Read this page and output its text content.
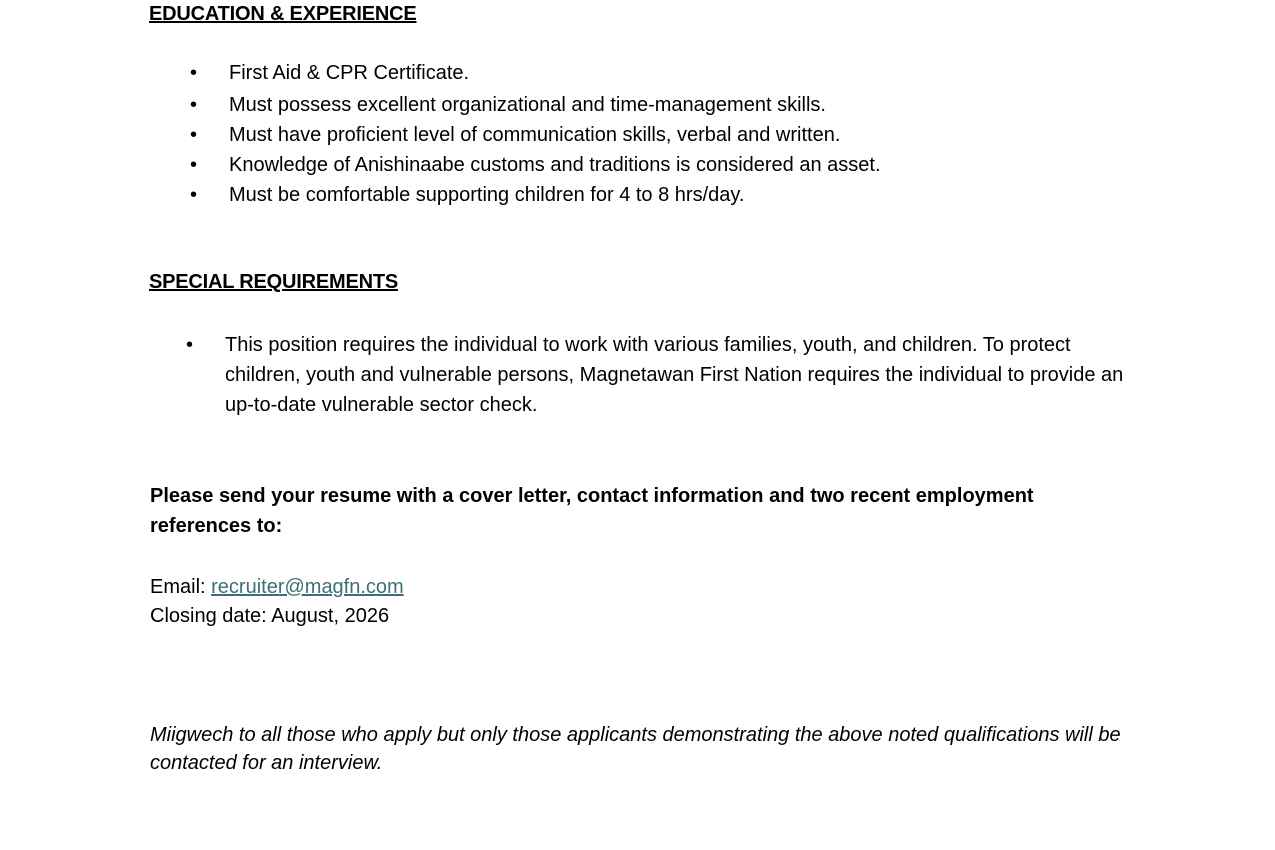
EDUCATION & EXPERIENCE
• First Aid & CPR Certificate.
• Must possess excellent organizational and time-management skills.
• Must have proficient level of communication skills, verbal and written.
• Knowledge of Anishinaabe customs and traditions is considered an asset.
• Must be comfortable supporting children for 4 to 8 hrs/day.
SPECIAL REQUIREMENTS
• This position requires the individual to work with various families, youth, and children. To protect children, youth and vulnerable persons, Magnetawan First Nation requires the individual to provide an up-to-date vulnerable sector check.

Please send your resume with a cover letter, contact information and two recent employment references to:

Email: recruiter@magfn.com
Closing date: August, 2026

Miigwech to all those who apply but only those applicants demonstrating the above noted qualifications will be contacted for an interview.
